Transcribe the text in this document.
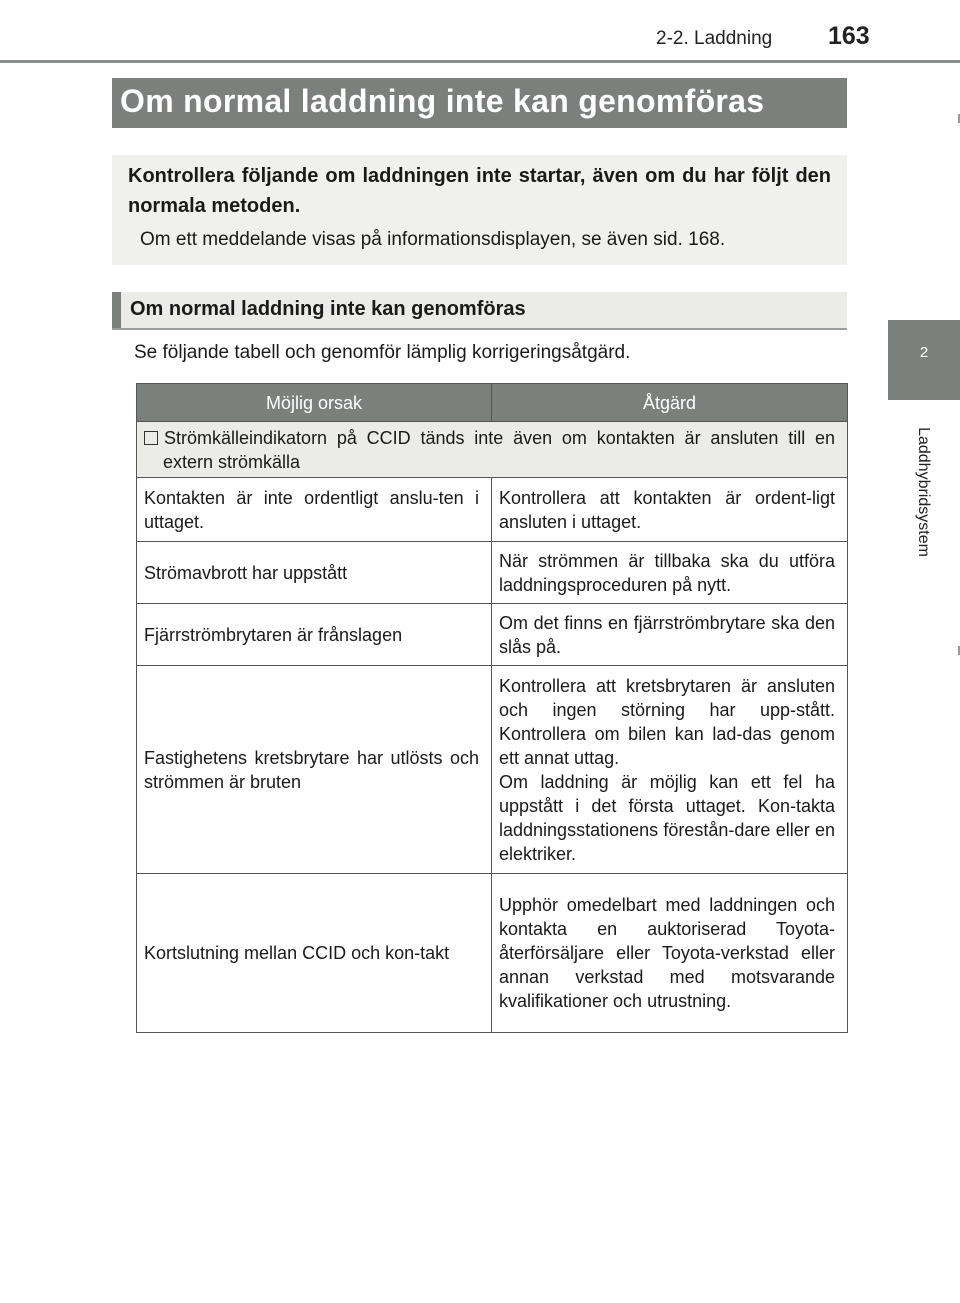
2-2. Laddning 163
2
Laddhybridsystem
Om normal laddning inte kan genomföras
Kontrollera följande om laddningen inte startar, även om du har följt den normala metoden.
Om ett meddelande visas på informationsdisplayen, se även sid. 168.
Om normal laddning inte kan genomföras
Se följande tabell och genomför lämplig korrigeringsåtgärd.
Möjlig orsak	Åtgärd
Strömkälleindikatorn på CCID tänds inte även om kontakten är ansluten till en extern strömkälla	
Kontakten är inte ordentligt anslu-ten i uttaget.	Kontrollera att kontakten är ordent-ligt ansluten i uttaget.
Strömavbrott har uppstått	När strömmen är tillbaka ska du utföra laddningsproceduren på nytt.
Fjärrströmbrytaren är frånslagen	Om det finns en fjärrströmbrytare ska den slås på.
Fastighetens kretsbrytare har utlösts och strömmen är bruten	Kontrollera att kretsbrytaren är ansluten och ingen störning har upp-stått. Kontrollera om bilen kan lad-das genom ett annat uttag.
Om laddning är möjlig kan ett fel ha uppstått i det första uttaget. Kon-takta laddningsstationens förestån-dare eller en elektriker.
Kortslutning mellan CCID och kon-takt	Upphör omedelbart med laddningen och kontakta en auktoriserad Toyota-återförsäljare eller Toyota-verkstad eller annan verkstad med motsvarande kvalifikationer och utrustning.
